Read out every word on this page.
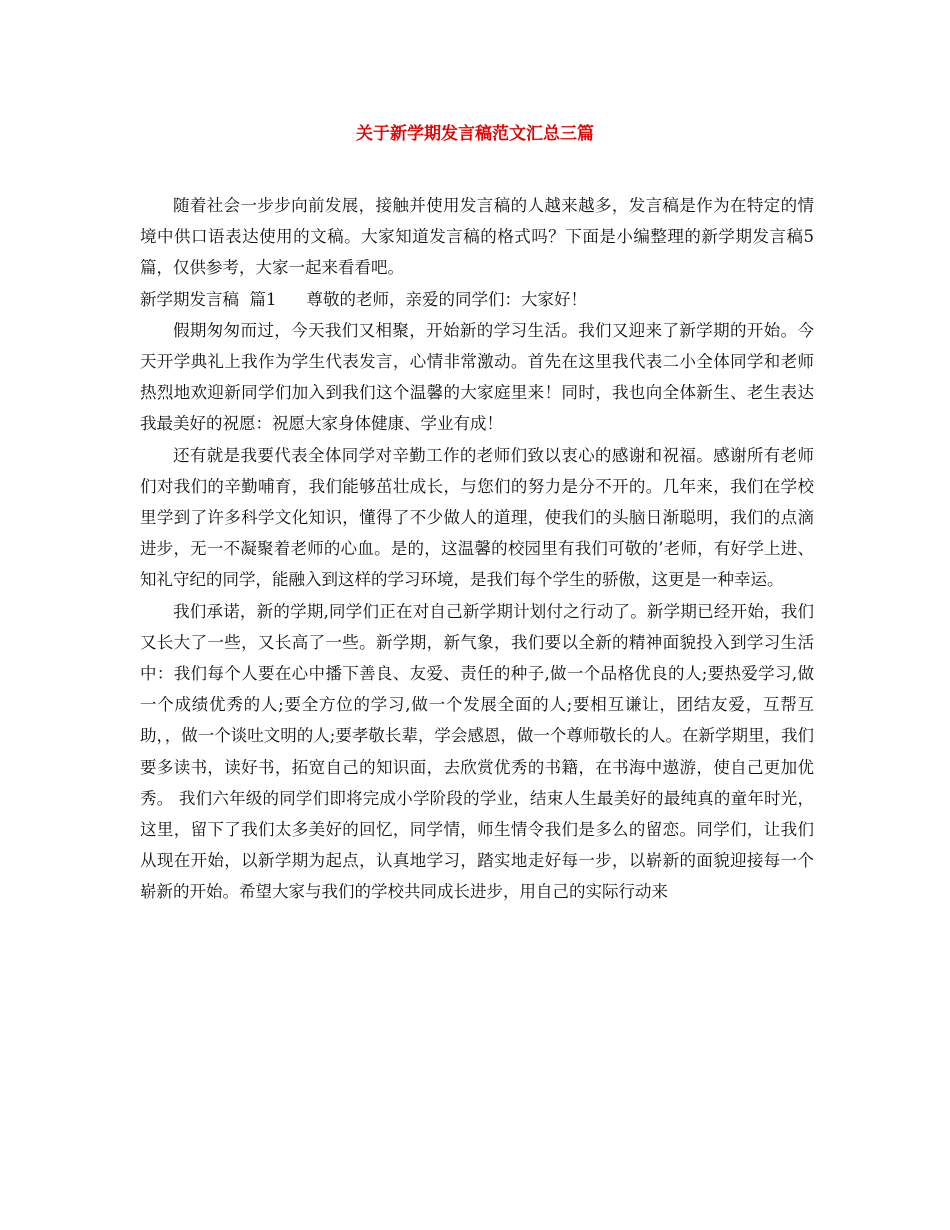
关于新学期发言稿范文汇总三篇

随着社会一步步向前发展，接触并使用发言稿的人越来越多，发言稿是作为在特定的情境中供口语表达使用的文稿。大家知道发言稿的格式吗？下面是小编整理的新学期发言稿5篇，仅供参考，大家一起来看看吧。

新学期发言稿  篇1 尊敬的老师，亲爱的同学们：大家好！

假期匆匆而过，今天我们又相聚，开始新的学习生活。我们又迎来了新学期的开始。今天开学典礼上我作为学生代表发言，心情非常激动。首先在这里我代表二小全体同学和老师热烈地欢迎新同学们加入到我们这个温馨的大家庭里来！同时，我也向全体新生、老生表达我最美好的祝愿：祝愿大家身体健康、学业有成！

还有就是我要代表全体同学对辛勤工作的老师们致以衷心的感谢和祝福。感谢所有老师们对我们的辛勤哺育，我们能够茁壮成长，与您们的努力是分不开的。几年来，我们在学校里学到了许多科学文化知识，懂得了不少做人的道理，使我们的头脑日渐聪明，我们的点滴进步，无一不凝聚着老师的心血。是的，这温馨的校园里有我们可敬的’老师，有好学上进、知礼守纪的同学，能融入到这样的学习环境，是我们每个学生的骄傲，这更是一种幸运。

我们承诺，新的学期,同学们正在对自己新学期计划付之行动了。新学期已经开始，我们又长大了一些，又长高了一些。新学期，新气象，我们要以全新的精神面貌投入到学习生活中：我们每个人要在心中播下善良、友爱、责任的种子,做一个品格优良的人;要热爱学习,做一个成绩优秀的人;要全方位的学习,做一个发展全面的人;要相互谦让，团结友爱，互帮互助，，做一个谈吐文明的人;要孝敬长辈，学会感恩，做一个尊师敬长的人。在新学期里，我们要多读书，读好书，拓宽自己的知识面，去欣赏优秀的书籍，在书海中遨游，使自己更加优秀。 我们六年级的同学们即将完成小学阶段的学业，结束人生最美好的最纯真的童年时光，这里，留下了我们太多美好的回忆，同学情，师生情令我们是多么的留恋。同学们，让我们从现在开始，以新学期为起点，认真地学习，踏实地走好每一步，以崭新的面貌迎接每一个崭新的开始。希望大家与我们的学校共同成长进步，用自己的实际行动来
